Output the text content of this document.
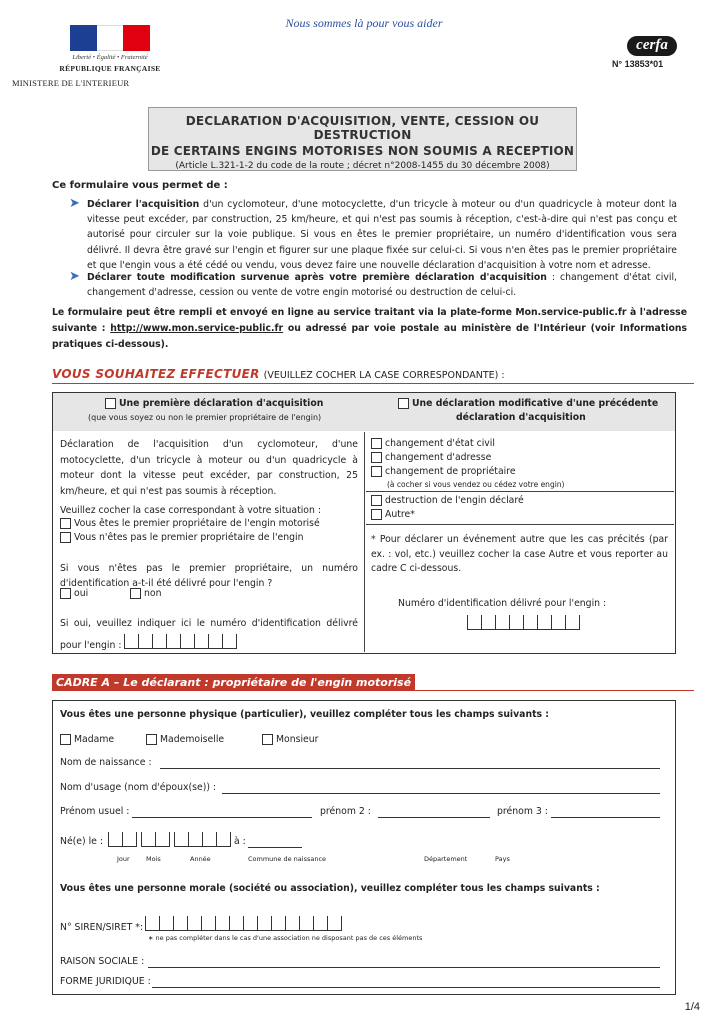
Liberté • Égalité • Fraternité
RÉPUBLIQUE FRANÇAISE
MINISTERE DE L'INTERIEUR
Nous sommes là pour vous aider
cerfa
N° 13853*01
DECLARATION D'ACQUISITION, VENTE, CESSION OU DESTRUCTION
DE CERTAINS ENGINS MOTORISES NON SOUMIS A RECEPTION
(Article L.321-1-2 du code de la route ; décret n°2008-1455 du 30 décembre 2008)
Ce formulaire vous permet de :
➤ Déclarer l'acquisition d'un cyclomoteur, d'une motocyclette, d'un tricycle à moteur ou d'un quadricycle à moteur dont la vitesse peut excéder, par construction, 25 km/heure, et qui n'est pas soumis à réception, c'est-à-dire qui n'est pas conçu et autorisé pour circuler sur la voie publique. Si vous en êtes le premier propriétaire, un numéro d'identification vous sera délivré. Il devra être gravé sur l'engin et figurer sur une plaque fixée sur celui-ci. Si vous n'en êtes pas le premier propriétaire et que l'engin vous a été cédé ou vendu, vous devez faire une nouvelle déclaration d'acquisition à votre nom et adresse.
➤ Déclarer toute modification survenue après votre première déclaration d'acquisition : changement d'état civil, changement d'adresse, cession ou vente de votre engin motorisé ou destruction de celui-ci.
Le formulaire peut être rempli et envoyé en ligne au service traitant via la plate-forme Mon.service-public.fr à l'adresse suivante : http://www.mon.service-public.fr ou adressé par voie postale au ministère de l'Intérieur (voir Informations pratiques ci-dessous).
VOUS SOUHAITEZ EFFECTUER (VEUILLEZ COCHER LA CASE CORRESPONDANTE) :
Une première déclaration d'acquisition
(que vous soyez ou non le premier propriétaire de l'engin)
Une déclaration modificative d'une précédente
déclaration d'acquisition
Déclaration de l'acquisition d'un cyclomoteur, d'une motocyclette, d'un tricycle à moteur ou d'un quadricycle à moteur dont la vitesse peut excéder, par construction, 25 km/heure, et qui n'est pas soumis à réception.
Veuillez cocher la case correspondant à votre situation :
Vous êtes le premier propriétaire de l'engin motorisé
Vous n'êtes pas le premier propriétaire de l'engin
Si vous n'êtes pas le premier propriétaire, un numéro d'identification a-t-il été délivré pour l'engin ?
oui	non
Si oui, veuillez indiquer ici le numéro d'identification délivré pour l'engin :
changement d'état civil
changement d'adresse
changement de propriétaire
(à cocher si vous vendez ou cédez votre engin)
destruction de l'engin déclaré
Autre*
* Pour déclarer un événement autre que les cas précités (par ex. : vol, etc.) veuillez cocher la case Autre et vous reporter au cadre C ci-dessous.
Numéro d'identification délivré pour l'engin :
CADRE A – Le déclarant : propriétaire de l'engin motorisé
Vous êtes une personne physique (particulier), veuillez compléter tous les champs suivants :
Madame	Mademoiselle	Monsieur
Nom de naissance :
Nom d'usage (nom d'époux(se)) :
Prénom usuel :	prénom 2 :	prénom 3 :
Né(e) le :	à :
Jour	Mois	Année	Commune de naissance	Département	Pays
Vous êtes une personne morale (société ou association), veuillez compléter tous les champs suivants :
N° SIREN/SIRET *:
∗ ne pas compléter dans le cas d'une association ne disposant pas de ces éléments
RAISON SOCIALE :
FORME JURIDIQUE :
1/4
